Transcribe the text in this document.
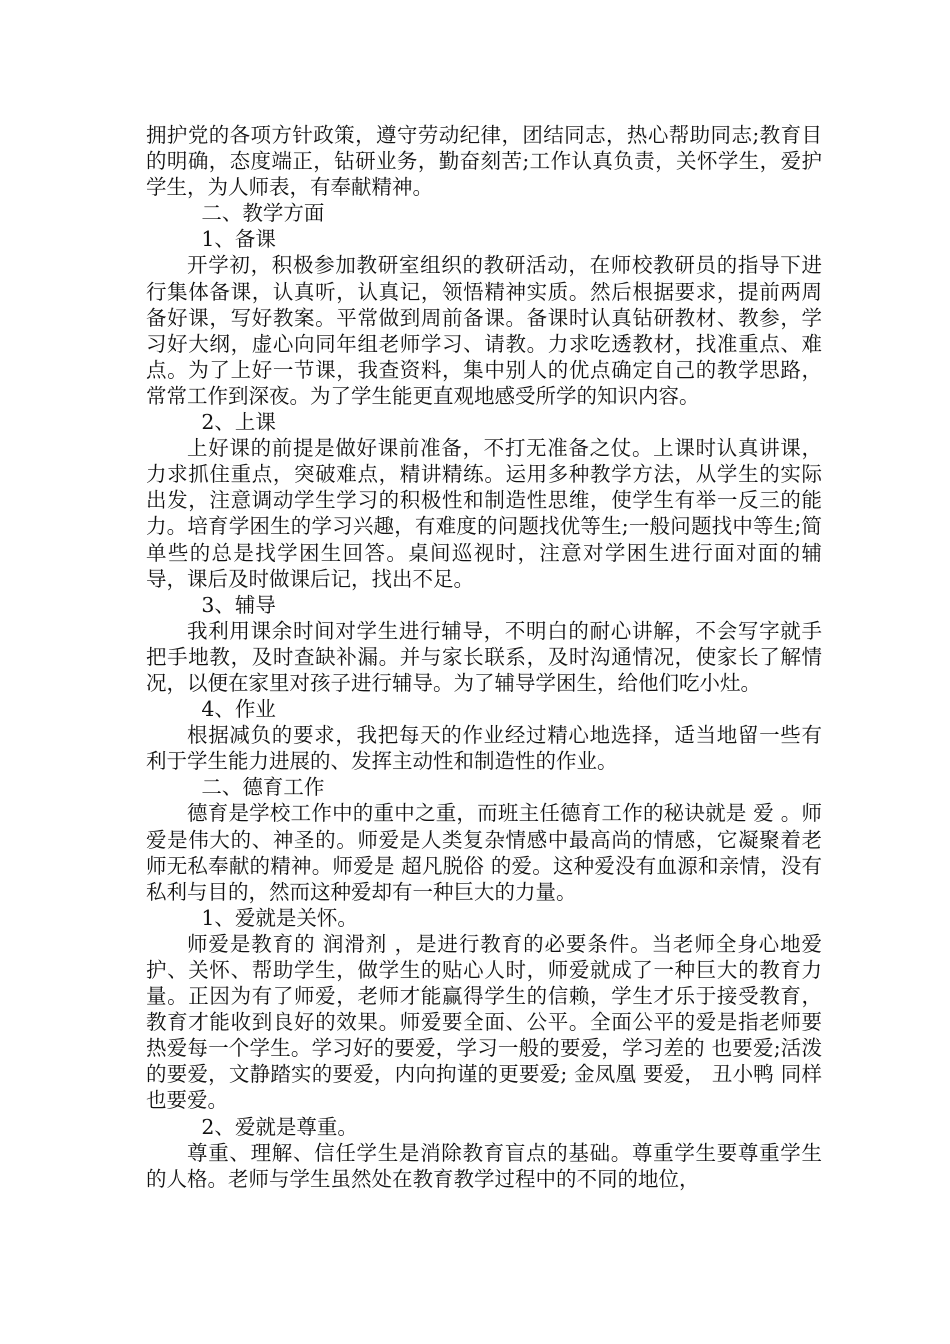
拥护党的各项方针政策，遵守劳动纪律，团结同志，热心帮助同志;教育目的明确，态度端正，钻研业务，勤奋刻苦;工作认真负责，关怀学生，爱护学生，为人师表，有奉献精神。

二、教学方面

1、备课

开学初，积极参加教研室组织的教研活动，在师校教研员的指导下进行集体备课，认真听，认真记，领悟精神实质。然后根据要求，提前两周备好课，写好教案。平常做到周前备课。备课时认真钻研教材、教参，学习好大纲，虚心向同年组老师学习、请教。力求吃透教材，找准重点、难点。为了上好一节课，我查资料，集中别人的优点确定自己的教学思路，常常工作到深夜。为了学生能更直观地感受所学的知识内容。

2、上课

上好课的前提是做好课前准备，不打无准备之仗。上课时认真讲课，力求抓住重点，突破难点，精讲精练。运用多种教学方法，从学生的实际出发，注意调动学生学习的积极性和制造性思维，使学生有举一反三的能力。培育学困生的学习兴趣，有难度的问题找优等生;一般问题找中等生;简单些的总是找学困生回答。桌间巡视时，注意对学困生进行面对面的辅导，课后及时做课后记，找出不足。

3、辅导

我利用课余时间对学生进行辅导，不明白的耐心讲解，不会写字就手把手地教，及时查缺补漏。并与家长联系，及时沟通情况，使家长了解情况，以便在家里对孩子进行辅导。为了辅导学困生，给他们吃小灶。

4、作业

根据减负的要求，我把每天的作业经过精心地选择，适当地留一些有利于学生能力进展的、发挥主动性和制造性的作业。

二、德育工作

德育是学校工作中的重中之重，而班主任德育工作的秘诀就是 爱 。师爱是伟大的、神圣的。师爱是人类复杂情感中最高尚的情感，它凝聚着老师无私奉献的精神。师爱是 超凡脱俗 的爱。这种爱没有血源和亲情，没有私利与目的，然而这种爱却有一种巨大的力量。

1、爱就是关怀。

师爱是教育的 润滑剂 ，是进行教育的必要条件。当老师全身心地爱护、关怀、帮助学生，做学生的贴心人时，师爱就成了一种巨大的教育力量。正因为有了师爱，老师才能赢得学生的信赖，学生才乐于接受教育，教育才能收到良好的效果。师爱要全面、公平。全面公平的爱是指老师要热爱每一个学生。学习好的要爱，学习一般的要爱，学习差的 也要爱;活泼的要爱，文静踏实的要爱，内向拘谨的更要爱; 金凤凰 要爱， 丑小鸭 同样也要爱。

2、爱就是尊重。

尊重、理解、信任学生是消除教育盲点的基础。尊重学生要尊重学生的人格。老师与学生虽然处在教育教学过程中的不同的地位，
